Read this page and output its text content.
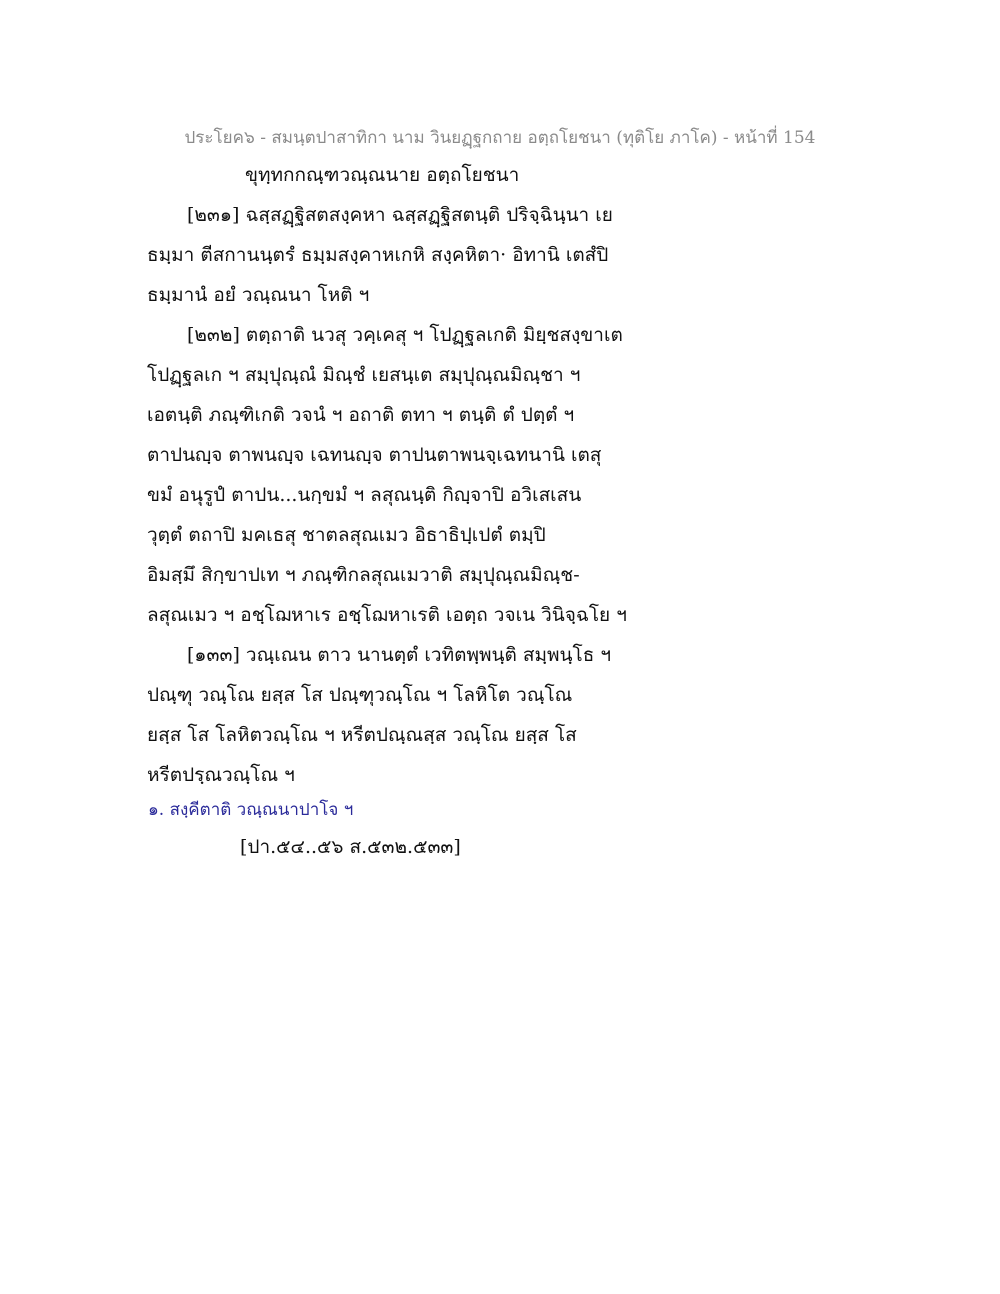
ประโยค๖ - สมนฺตปาสาทิกา นาม วินยฏฺฐกถาย อตฺถโยชนา (ทุติโย ภาโค) - หน้าที่ 154
ขุทฺทกกณฺฑวณฺณนาย อตฺถโยชนา
[๒๓๑] ฉสฺสฏฺฐิสตสงฺคหา ฉสฺสฏฺฐิสตนฺติ ปริจฺฉินฺนา เย
ธมฺมา ตีสกานนฺตรํ ธมฺมสงฺคาหเกหิ สงฺคหิตา· อิทานิ เตสํปิ
ธมฺมานํ อยํ วณฺณนา โหติ ฯ
[๒๓๒] ตตฺถาติ นวสุ วคฺเคสุ ฯ โปฏฺฐลเกติ มิยฺชสงฺขาเต
โปฏฺฐลเก ฯ สมฺปุณฺณํ มิณฺชํ เยสนฺเต สมฺปุณฺณมิณฺชา ฯ
เอตนฺติ ภณฺฑิเกติ วจนํ ฯ อถาติ ตทา ฯ ตนฺติ ตํ ปตฺตํ ฯ
ตาปนญฺจ ตาพนญฺจ เฉทนญฺจ ตาปนตาพนจฺเฉทนานิ เตสุ
ขมํ อนุรูปํ ตาปน...นกฺขมํ ฯ ลสุณนฺติ กิญฺจาปิ อวิเสเสน
วุตฺตํ ตถาปิ มคเธสุ ชาตลสุณเมว อิธาธิปฺเปตํ ตมฺปิ
อิมสฺมึ สิกฺขาปเท ฯ ภณฺฑิกลสุณเมวาติ สมฺปุณฺณมิณฺช-
ลสุณเมว ฯ อชฺโฌหาเร อชฺโฌหาเรติ เอตฺถ วจเน วินิจฺฉโย ฯ
[๑๓๓] วณฺเณน ตาว นานตฺตํ เวทิตพฺพนฺติ สมฺพนฺโธ ฯ
ปณฺฑุ วณฺโณ ยสฺส โส ปณฺฑุวณฺโณ ฯ โลหิโต วณฺโณ
ยสฺส โส โลหิตวณฺโณ ฯ หรีตปณฺณสฺส วณฺโณ ยสฺส โส
หรีตปรฺณวณฺโณ ฯ
๑. สงฺคีตาติ วณฺณนาปาโจ ฯ
[ปา.๕๔..๕๖ ส.๕๓๒.๕๓๓]
